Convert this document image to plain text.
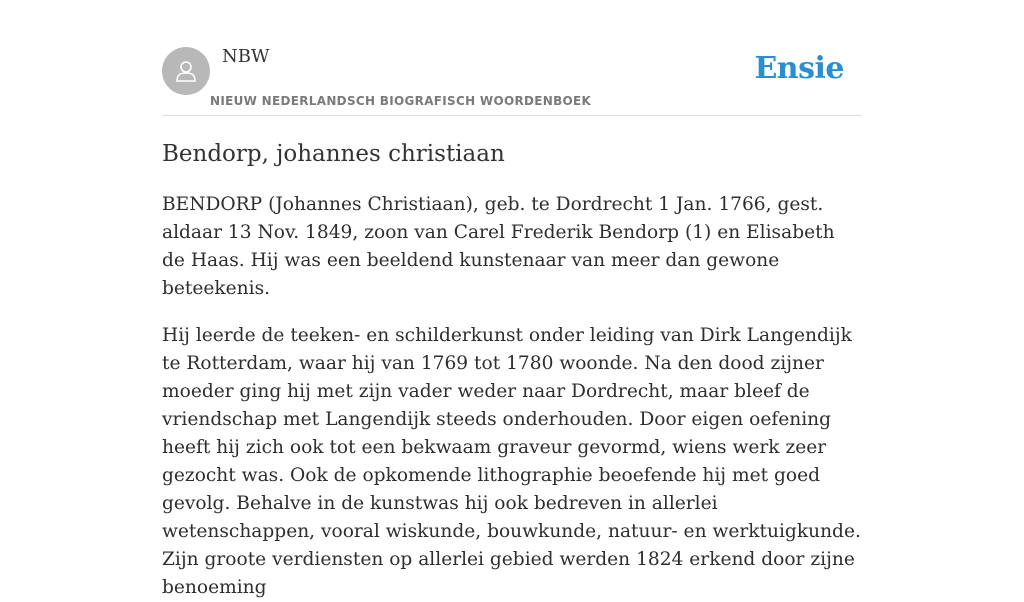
NBW
NIEUW NEDERLANDSCH BIOGRAFISCH WOORDENBOEK
Ensie
Bendorp, johannes christiaan

BENDORP (Johannes Christiaan), geb. te Dordrecht 1 Jan. 1766, gest. aldaar 13 Nov. 1849, zoon van Carel Frederik Bendorp (1) en Elisabeth de Haas. Hij was een beeldend kunstenaar van meer dan gewone beteekenis.

Hij leerde de teeken- en schilderkunst onder leiding van Dirk Langendijk te Rotterdam, waar hij van 1769 tot 1780 woonde. Na den dood zijner moeder ging hij met zijn vader weder naar Dordrecht, maar bleef de vriendschap met Langendijk steeds onderhouden. Door eigen oefening heeft hij zich ook tot een bekwaam graveur gevormd, wiens werk zeer gezocht was. Ook de opkomende lithographie beoefende hij met goed gevolg. Behalve in de kunstwas hij ook bedreven in allerlei wetenschappen, vooral wiskunde, bouwkunde, natuur- en werktuigkunde. Zijn groote verdiensten op allerlei gebied werden 1824 erkend door zijne benoeming
